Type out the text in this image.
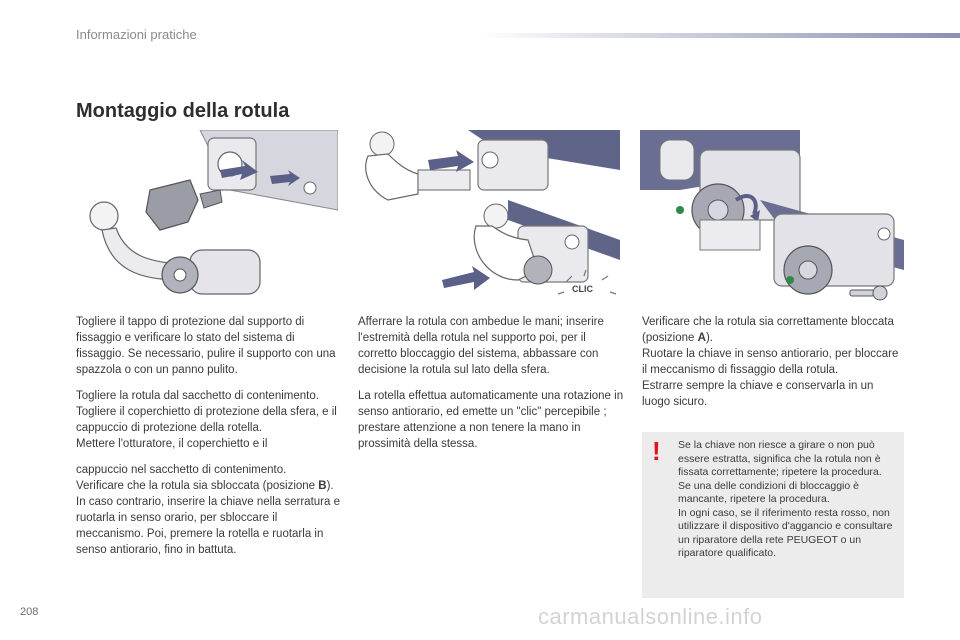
Informazioni pratiche
Montaggio della rotula
CLIC

Togliere il tappo di protezione dal supporto di fissaggio e verificare lo stato del sistema di fissaggio. Se necessario, pulire il supporto con una spazzola o con un panno pulito.

Togliere la rotula dal sacchetto di contenimento.
Togliere il coperchietto di protezione della sfera, e il cappuccio di protezione della rotella.
Mettere l'otturatore, il coperchietto e il

cappuccio nel sacchetto di contenimento.
Verificare che la rotula sia sbloccata (posizione B). In caso contrario, inserire la chiave nella serratura e ruotarla in senso orario, per sbloccare il meccanismo. Poi, premere la rotella e ruotarla in senso antiorario, fino in battuta.

Afferrare la rotula con ambedue le mani; inserire l'estremità della rotula nel supporto poi, per il corretto bloccaggio del sistema, abbassare con decisione la rotula sul lato della sfera.

La rotella effettua automaticamente una rotazione in senso antiorario, ed emette un "clic" percepibile ; prestare attenzione a non tenere la mano in prossimità della stessa.

Verificare che la rotula sia correttamente bloccata (posizione A).
Ruotare la chiave in senso antiorario, per bloccare il meccanismo di fissaggio della rotula.
Estrarre sempre la chiave e conservarla in un luogo sicuro.

! Se la chiave non riesce a girare o non può essere estratta, significa che la rotula non è fissata correttamente; ripetere la procedura.
Se una delle condizioni di bloccaggio è mancante, ripetere la procedura.
In ogni caso, se il riferimento resta rosso, non utilizzare il dispositivo d'aggancio e consultare un riparatore della rete PEUGEOT o un riparatore qualificato.
208	carmanualsonline.info
